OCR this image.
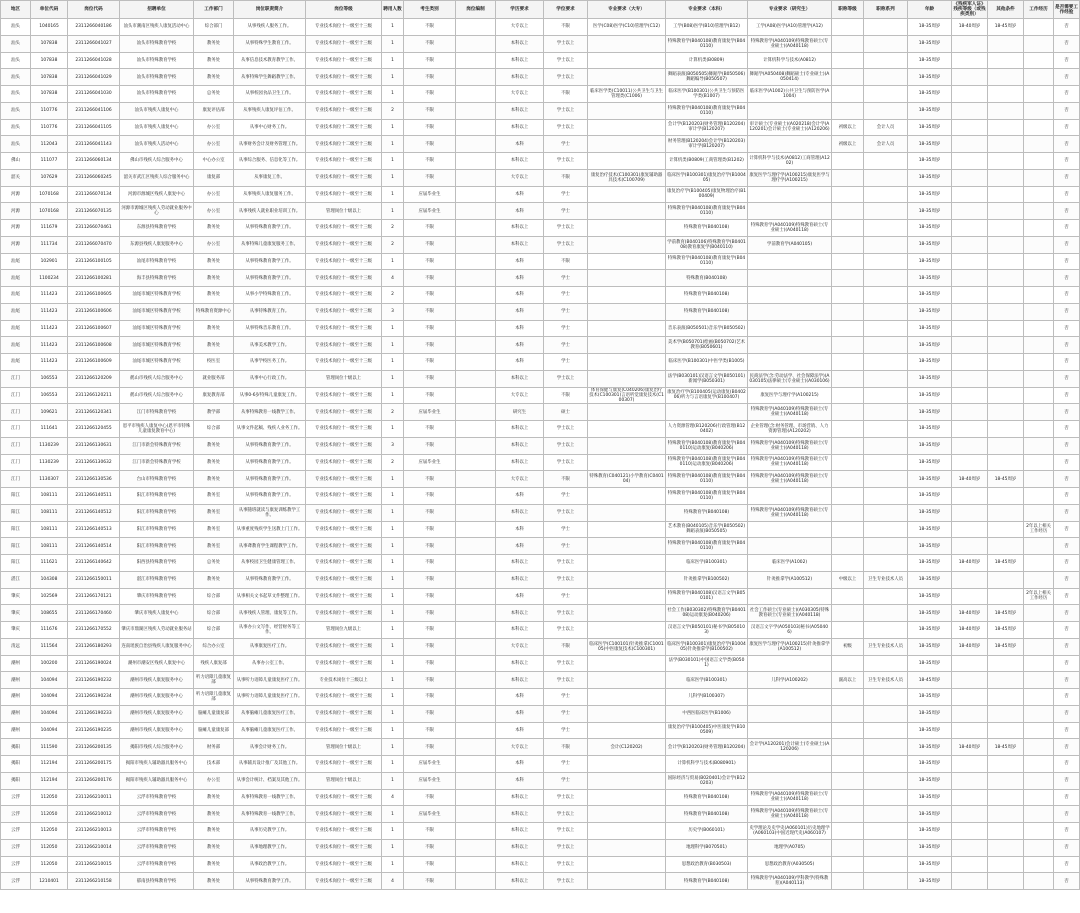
地区	单位代码	岗位代码	招聘单位	工作部门	岗位职责简介	岗位等级	聘用人数	考生类别	岗位编制	学历要求	学位要求	专业要求（大专）	专业要求（本科）	专业要求（研究生）	职称等级	职称系列	年龄	《残疾军人证》残疾等级（或残疾类别）	其他条件	工作经历	是否需要工作经验
汕头	1040165	2311266040186	汕头市潮南区残疾人康复活动中心	综合部门	从事残疾人服务工作。	专业技术岗位十一级至十三级	1	不限		大专以上	不限	医学(C08)医学(C10)管理学(C12)	工学(B08)医学(B10)管理学(B12)	工学(A08)医学(A10)管理学(A12)			18-35周岁	18-40周岁	18-45周岁		否
汕头	107838	2311266041027	汕头市特殊教育学校	教务处	从事特殊学生教育工作。	专业技术岗位十一级至十三级	1	不限		本科以上	学士以上		特殊教育学(B040108)教育康复学(B040110)	特殊教育学(A040109)特殊教育硕士(专业硕士)(A040118)			18-35周岁				否
汕头	107838	2311266041028	汕头市特殊教育学校	教务处	从事信息技术教育教学工作。	专业技术岗位十一级至十三级	1	不限		本科以上	学士以上		计算机类(B0809)	计算机科学与技术(A0812)			18-35周岁				否
汕头	107838	2311266041029	汕头市特殊教育学校	教务处	从事特殊学生舞蹈教学工作。	专业技术岗位十一级至十三级	1	不限		本科以上	学士以上		舞蹈表演(B050505)舞蹈学(B050506)舞蹈编导(B050507)	舞蹈学(A050408)舞蹈硕士(专业硕士)(A050414)			18-35周岁				否
汕头	107838	2311266041030	汕头市特殊教育学校	总务处	从事校园食品卫生工作。	专业技术岗位十一级至十三级	1	不限		大专以上	不限	临床医学类(C10011)公共卫生与卫生管理类(C1006)	临床医学(B100301)公共卫生与预防医学类(B1007)	临床医学(A1002)公共卫生与预防医学(A1004)			18-35周岁				否
汕头	110776	2311266041106	汕头市残疾人康复中心	康复评估部	从事残疾人康复评估工作。	专业技术岗位十一级至十三级	2	不限		本科以上	学士以上		特殊教育学(B040108)教育康复学(B040110)				18-35周岁				否
汕头	110776	2311266041105	汕头市残疾人康复中心	办公室	从事中心财务工作。	专业技术岗位十二级至十三级	1	不限		本科以上	学士以上		会计学(B120203)财务管理(B120204)审计学(B120207)	审计硕士(专业硕士)(A020218)会计学(A120201)会计硕士(专业硕士)(A120206)	初级以上	会计人员	18-35周岁				否
汕头	112043	2311266041143	汕头市残疾人活动中心	办公室	从事财务会计及财务管理工作。	专业技术岗位十二级至十三级	1	不限		本科	学士		财务管理(B120204)会计学(B120203)审计学(B120207)		初级以上	会计人员	18-35周岁				否
佛山	111077	2311266060134	佛山市残疾人综合服务中心	中心办公室	从事综合服务、信息化等工作。	专业技术岗位十一级至十三级	1	不限		本科以上	学士以上		计算机类(B0809)工商管理类(B1202)	计算机科学与技术(A0812)工商管理(A1202)			18-35周岁				否
韶关	107629	2311266060245	韶关市武江区残疾人综合服务中心	康复部	从事康复工作。	专业技术岗位十一级至十三级	1	不限		大专以上	不限	康复治疗技术(C100301)康复辅助器具技术(C100709)	临床医学(B100301)康复治疗学(B100405)	康复医学与理疗学(A100215)康复医学与理疗学(A100215)			18-35周岁				否
河源	1070168	2311266070134	河源市源城区残疾人康复中心	办公室	从事残疾人康复服务工作。	专业技术岗位十一级至十三级	1	应届毕业生		本科	学士		康复治疗学(B100405)康复物理治疗(B100409)				18-35周岁				否
河源	1070168	2311266070135	河源市源城区残疾人劳动就业服务中心	办公室	从事残疾人就业职业培训工作。	管理岗位十级以上	1	应届毕业生		本科	学士		特殊教育学(B040108)教育康复学(B040110)				18-35周岁				否
河源	111679	2311266070461	东源县特殊教育学校	教务处	从事特殊教育教学工作。	专业技术岗位十一级至十三级	2	不限		本科以上	学士以上		特殊教育学(B040108)	特殊教育学(A040109)特殊教育硕士(专业硕士)(A040118)			18-35周岁				否
河源	111734	2311266070470	东源县残疾人康复服务中心	办公室	从事特殊儿童康复服务工作。	专业技术岗位十一级至十三级	2	不限		本科以上	学士以上		学前教育(B040106)特殊教育学(B040108)教育康复学(B040110)	学前教育学(A040105)			18-35周岁				否
汕尾	102901	2311266100105	汕尾市特殊教育学校	教务处	从事特殊教育教学工作。	专业技术岗位十一级至十三级	1	不限		本科	不限		特殊教育学(B040108)教育康复学(B040110)				18-35周岁				否
汕尾	1100234	2311266100281	海丰县特殊教育学校	教务处	从事特殊教育教学工作。	专业技术岗位十一级至十三级	4	不限		本科	学士		特殊教育(B040108)				18-35周岁				否
汕尾	111423	2311266100605	汕尾市城区特殊教育学校	教务处	从事小学特殊教育工作。	专业技术岗位十一级至十三级	2	不限		本科	学士		特殊教育学(B040108)				18-35周岁				否
汕尾	111423	2311266100606	汕尾市城区特殊教育学校	特殊教育资源中心	从事特殊教育工作。	专业技术岗位十一级至十三级	3	不限		本科	学士		特殊教育学(B040108)				18-35周岁				否
汕尾	111423	2311266100607	汕尾市城区特殊教育学校	教务处	从事特殊音乐教育工作。	专业技术岗位十一级至十三级	1	不限		本科	学士		音乐表演(B050501)音乐学(B050502)				18-35周岁				否
汕尾	111423	2311266100608	汕尾市城区特殊教育学校	教务处	从事美术教学工作。	专业技术岗位十一级至十三级	1	不限		本科	学士		美术学(B050701)绘画(B050702)艺术教育(B050601)				18-35周岁				否
汕尾	111423	2311266100609	汕尾市城区特殊教育学校	校医室	从事学校医务工作。	专业技术岗位十一级至十三级	1	不限		本科	学士		临床医学(B100301)中医学类(B1005)				18-35周岁				否
江门	106553	2311266120209	鹤山市残疾人综合服务中心	就业服务部	从事中心行政工作。	管理岗位十级以上	1	不限		本科以上	学士以上		法学(B030101)汉语言文学(B050101)新闻学(B050301)	民商法学(含:劳动法学、社会保障法学)(A030105)法律硕士(专业硕士)(A030106)			18-35周岁				否
江门	106553	2311266120211	鹤山市残疾人综合服务中心	康复教育部	从事0-6岁特殊儿童康复工作。	专业技术岗位十一级至十三级	1	不限		大专以上	不限	体育保健与康复(C040206)康复治疗技术(C100301)言语听觉康复技术(C100307)	康复治疗学(B100405)运动康复(B040206)听力与言语康复学(B100407)	康复医学与理疗学(A100215)			18-35周岁				否
江门	109621	2311266120341	江门市特殊教育学校	教学部	从事特殊教育一线教学工作。	专业技术岗位十一级至十三级	2	应届毕业生		研究生	硕士			特殊教育学(A040109)特殊教育硕士(专业硕士)(A040118)			18-35周岁				否
江门	111641	2311266120455	恩平市残疾人康复中心(恩平市特殊儿童康复教育中心)	综合部	从事文件起稿、残疾人业务工作。	专业技术岗位十一级至十三级	1	不限		本科以上	学士以上		人力资源管理(B120206)行政管理(B120402)	企业管理(含:财务管理、市场营销、人力资源管理)(A120202)			18-35周岁				否
江门	1130239	2311266130631	江门市新会特殊教育学校	教务处	从事特殊教育教学工作。	专业技术岗位十一级至十三级	3	不限		本科以上	学士以上		特殊教育学(B040108)教育康复学(B040110)运动康复(B040206)	特殊教育学(A040109)特殊教育硕士(专业硕士)(A040118)			18-35周岁				否
江门	1130239	2311266130632	江门市新会特殊教育学校	教务处	从事特殊教育教学工作。	专业技术岗位十一级至十三级	2	应届毕业生		本科以上	学士以上		特殊教育学(B040108)教育康复学(B040110)运动康复(B040206)	特殊教育学(A040109)特殊教育硕士(专业硕士)(A040118)			18-35周岁				否
江门	1130307	2311266130536	台山市特殊教育学校	教务处	从事特殊教育教学工作。	专业技术岗位十一级至十三级	1	不限		大专以上	不限	特殊教育(C040121)小学教育(C040104)	特殊教育学(B040108)教育康复学(B040110)	特殊教育学(A040109)特殊教育硕士(专业硕士)(A040118)			18-35周岁	18-40周岁	18-45周岁		否
阳江	108111	2311266140511	阳江市特殊教育学校	教务室	从事特殊教育教学工作。	专业技术岗位十一级至十三级	1	不限		本科	学士		特殊教育学(B040108)教育康复学(B040110)				18-35周岁				否
阳江	108111	2311266140512	阳江市特殊教育学校	教务室	从事随班就读与康复训练教学工作。	专业技术岗位十一级至十三级	1	不限		本科以上	学士以上		特殊教育学(B040108)	特殊教育学(A040109)特殊教育硕士(专业硕士)(A040118)			18-35周岁				否
阳江	108111	2311266140513	阳江市特殊教育学校	教务室	从事重度残疾学生送教上门工作。	专业技术岗位十一级至十三级	1	不限		本科	学士		艺术教育(B040105)音乐学(B050502)舞蹈表演(B050505)				18-35周岁			2年以上相关工作经历	否
阳江	108111	2311266140514	阳江市特殊教育学校	教务室	从事聋教育学生课程教学工作。	专业技术岗位十一级至十三级	1	不限		本科	学士		特殊教育学(B040108)教育康复学(B040110)				18-35周岁				否
阳江	111621	2311266140642	阳西县特殊教育学校	总务处	从事校园卫生健康管理工作。	专业技术岗位十一级至十三级	1	不限		本科以上	学士以上		临床医学(B100301)	临床医学(A1002)			18-35周岁	18-40周岁	18-45周岁		否
湛江	104308	2311266150011	湛江市特殊教育学校	教务处	从事特殊教育教学工作。	专业技术岗位十一级至十三级	1	不限		本科以上	学士以上		针灸推拿学(B100502)	针灸推拿学(A100512)	中级以上	卫生专业技术人员	18-35周岁				否
肇庆	102569	2311266170121	肇庆市特殊教育学校	综合部	从事相关文书起草文件整理工作。	专业技术岗位十一级至十三级	1	不限		本科	学士		特殊教育学(B040108)汉语言文学(B050101)				18-35周岁			2年以上相关工作经历	否
肇庆	108655	2311266170460	肇庆市残疾人康复中心	综合部	从事残疾人管理、康复等工作。	专业技术岗位十一级至十三级	1	不限		本科以上	学士以上		社会工作(B030302)特殊教育学(B040108)运动康复(B040206)	社会工作硕士(专业硕士)(A030305)特殊教育硕士(专业硕士)(A040118)			18-35周岁	18-40周岁	18-45周岁		否
肇庆	111676	2311266170552	肇庆市鼎湖区残疾人劳动就业服务站	综合部	从事办公文写作、经营财务等工作。	管理岗位九级以上	1	不限		本科以上	学士以上		汉语言文学(B050101)秘书学(B050103)	汉语言文字学(A050103)秘书(A050406)			18-35周岁	18-40周岁	18-45周岁		否
清远	111564	2311266180293	连南瑶族自治县残疾人康复服务中心	综合办公室	从事康复医疗工作。	专业技术岗位十一级至十三级	1	不限		大专以上	不限	临床医学(C100101)针灸推拿(C100105)中医康复技术(C100301)	临床医学(B100301)康复治疗学(B100405)针灸推拿学(B100502)	康复医学与理疗学(A100215)针灸推拿学(A100512)	初级	卫生专业技术人员	18-35周岁	18-40周岁	18-45周岁		否
潮州	100200	2311266190024	潮州市潮安区残疾人康复中心	残疾人康复部	从事办公室工作。	专业技术岗位十一级至十三级	1	不限		本科以上	学士以上		法学(B030101)中国语言文学类(B0501)				18-35周岁				否
潮州	104094	2311266190232	潮州市残疾人康复服务中心	听力语障儿童康复部	从事听力语障儿童康复医疗工作。	专业技术岗位十三级以上	1	不限		本科以上	学士以上		临床医学(B100301)	儿科学(A100202)	副高以上	卫生专业技术人员	18-45周岁				否
潮州	104094	2311266190234	潮州市残疾人康复服务中心	听力语障儿童康复部	从事听力语障儿童康复医疗工作。	专业技术岗位十一级至十三级	1	不限		本科	学士		儿科学(B100307)				18-35周岁				否
潮州	104094	2311266190233	潮州市残疾人康复服务中心	脑瘫儿童康复部	从事脑瘫儿童康复医疗工作。	专业技术岗位十一级至十三级	1	不限		本科	学士		中西医临床医学(B1006)				18-35周岁				否
潮州	104094	2311266190235	潮州市残疾人康复服务中心	脑瘫儿童康复部	从事脑瘫儿童康复医疗工作。	专业技术岗位十一级至十三级	1	不限		本科	学士		康复治疗学(B100405)中医康复学(B100509)				18-35周岁				否
揭阳	111590	2311266200135	揭阳市残疾人综合服务中心	财务部	从事会计财务工作。	管理岗位十级以上	1	不限		大专以上	不限	会计(C120202)	会计学(B120203)财务管理(B120204)	会计学(A120201)会计硕士(专业硕士)(A120206)			18-35周岁	18-40周岁	18-45周岁		否
揭阳	112194	2311266200175	揭阳市残疾人辅助器具服务中心	技术部	从事辅具设计推广及其他工作。	专业技术岗位十一级至十三级	1	应届毕业生		本科	学士		计算机科学与技术(B080901)				18-35周岁				否
揭阳	112194	2311266200176	揭阳市残疾人辅助器具服务中心	办公室	从事会计统计、档案及其他工作。	管理岗位十级以上	1	应届毕业生		本科	学士		国际经济与贸易(B020401)会计学(B120203)				18-35周岁				否
云浮	112050	2311266210011	云浮市特殊教育学校	教务处	从事特殊教育一线教学工作。	专业技术岗位十一级至十三级	4	不限		本科以上	学士以上		特殊教育学(B040108)	特殊教育学(A040109)特殊教育硕士(专业硕士)(A040118)			18-35周岁				否
云浮	112050	2311266210012	云浮市特殊教育学校	教务处	从事特殊教育一线教学工作。	专业技术岗位十一级至十三级	1	应届毕业生		本科以上	学士以上		特殊教育学(B040108)	特殊教育学(A040109)特殊教育硕士(专业硕士)(A040118)			18-35周岁				否
云浮	112050	2311266210013	云浮市特殊教育学校	教务处	从事历史教学工作。	专业技术岗位十一级至十三级	1	不限		本科以上	学士以上		历史学(B060101)	史学理论及史学史(A060101)历史地理学(A060103)中国近现代史(A060107)			18-35周岁				否
云浮	112050	2311266210014	云浮市特殊教育学校	教务处	从事地理教学工作。	专业技术岗位十一级至十三级	1	不限		本科以上	学士以上		地理科学(B070501)	地理学(A0705)			18-35周岁				否
云浮	112050	2311266210015	云浮市特殊教育学校	教务处	从事政治教学工作。	专业技术岗位十一级至十三级	1	不限		本科以上	学士以上		思想政治教育(B030503)	思想政治教育(A030505)			18-35周岁				否
云浮	1210401	2311266210158	郁南县特殊教育学校	教务处	从事特殊教育教学工作。	专业技术岗位十一级至十三级	4	不限		本科以上	学士以上		特殊教育学(B040108)	特殊教育学(A040109)学科教学(特殊教育)(A040113)			18-35周岁				否
